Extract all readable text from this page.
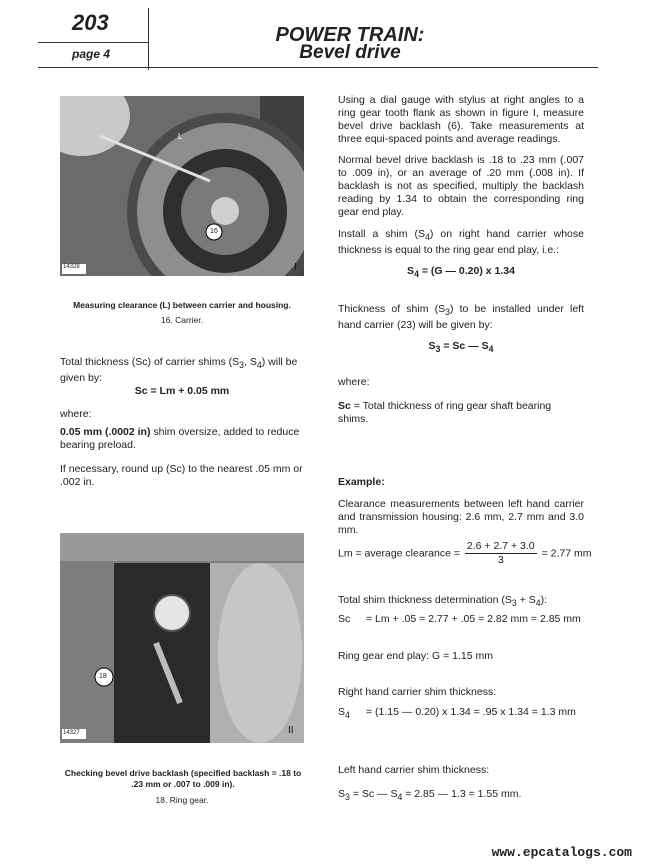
203
page 4
POWER TRAIN:
Bevel drive
16
L
14328	I
Measuring clearance (L) between carrier and housing.
16. Carrier.

Total thickness (Sc) of carrier shims ($S_3$, $S_4$) will be given by:

Sc = Lm + 0.05 mm
where:

0.05 mm (.0002 in) shim oversize, added to reduce bearing preload.

If necessary, round up (Sc) to the nearest .05 mm or .002 in.

18
14327	II
Checking bevel drive backlash (specified backlash = .18 to .23 mm or .007 to .009 in).
18. Ring gear.

Using a dial gauge with stylus at right angles to a ring gear tooth flank as shown in figure I, measure bevel drive backlash (6). Take measurements at three equi-spaced points and average readings.

Normal bevel drive backlash is .18 to .23 mm (.007 to .009 in), or an average of .20 mm (.008 in). If backlash is not as specified, multiply the backlash reading by 1.34 to obtain the corresponding ring gear end play.

Install a shim $(S_4)$ on right hand carrier whose thickness is equal to the ring gear end play, i.e.:

$S_4 = (G$ — 0.20) x 1.34

Thickness of shim $(S_3)$ to be installed under left hand carrier (23) will be given by:

$S_3 = Sc$ — $S_4$
where:

Sc = Total thickness of ring gear shaft bearing shims.

Example:

Clearance measurements between left hand carrier and transmission housing: 2.6 mm, 2.7 mm and 3.0 mm.

Lm = average clearance = $\frac{2.6 + 2.7 + 3.0}{3} = 2.77$ mm

Total shim thickness determination $(S_3 + S_4)$:

Sc = Lm + .05 = 2.77 + .05 = 2.82 mm = 2.85 mm

Ring gear end play: G = 1.15 mm
Right hand carrier shim thickness:
$S_4 = (1.15$ — 0.20) x 1.34 = .95 x 1.34 = 1.3 mm

Left hand carrier shim thickness:
$S_3 = Sc$ — $S_4 = 2.85$ — 1.3 = 1.55 mm.
www.epcatalogs.com
